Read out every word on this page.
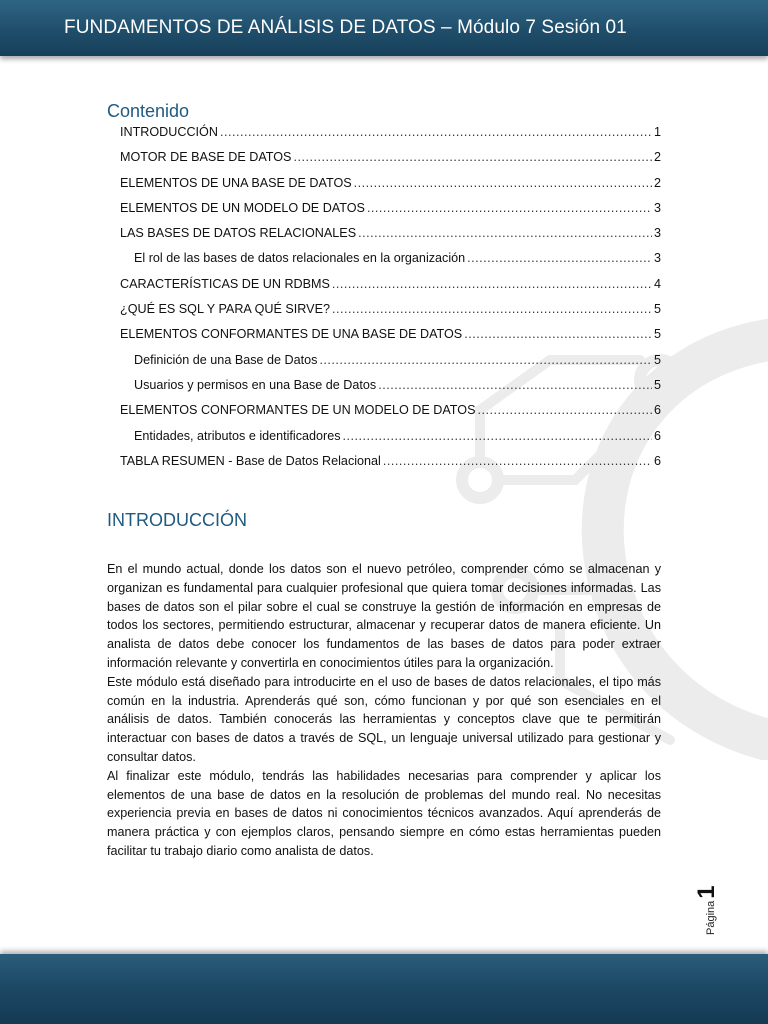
FUNDAMENTOS DE ANÁLISIS DE DATOS – Módulo 7 Sesión 01
Contenido
INTRODUCCIÓN .....	1
MOTOR DE BASE DE DATOS .....	2
ELEMENTOS DE UNA BASE DE DATOS .....	2
ELEMENTOS DE UN MODELO DE DATOS .....	3
LAS BASES DE DATOS RELACIONALES .....	3
El rol de las bases de datos relacionales en la organización .....	3
CARACTERÍSTICAS DE UN RDBMS .....	4
¿QUÉ ES SQL Y PARA QUÉ SIRVE? .....	5
ELEMENTOS CONFORMANTES DE UNA BASE DE DATOS .....	5
Definición de una Base de Datos .....	5
Usuarios y permisos en una Base de Datos .....	5
ELEMENTOS CONFORMANTES DE UN MODELO DE DATOS .....	6
Entidades, atributos e identificadores .....	6
TABLA RESUMEN - Base de Datos Relacional .....	6
INTRODUCCIÓN

En el mundo actual, donde los datos son el nuevo petróleo, comprender cómo se almacenan y organizan es fundamental para cualquier profesional que quiera tomar decisiones informadas. Las bases de datos son el pilar sobre el cual se construye la gestión de información en empresas de todos los sectores, permitiendo estructurar, almacenar y recuperar datos de manera eficiente. Un analista de datos debe conocer los fundamentos de las bases de datos para poder extraer información relevante y convertirla en conocimientos útiles para la organización.

Este módulo está diseñado para introducirte en el uso de bases de datos relacionales, el tipo más común en la industria. Aprenderás qué son, cómo funcionan y por qué son esenciales en el análisis de datos. También conocerás las herramientas y conceptos clave que te permitirán interactuar con bases de datos a través de SQL, un lenguaje universal utilizado para gestionar y consultar datos.

Al finalizar este módulo, tendrás las habilidades necesarias para comprender y aplicar los elementos de una base de datos en la resolución de problemas del mundo real. No necesitas experiencia previa en bases de datos ni conocimientos técnicos avanzados. Aquí aprenderás de manera práctica y con ejemplos claros, pensando siempre en cómo estas herramientas pueden facilitar tu trabajo diario como analista de datos.

Página
1
